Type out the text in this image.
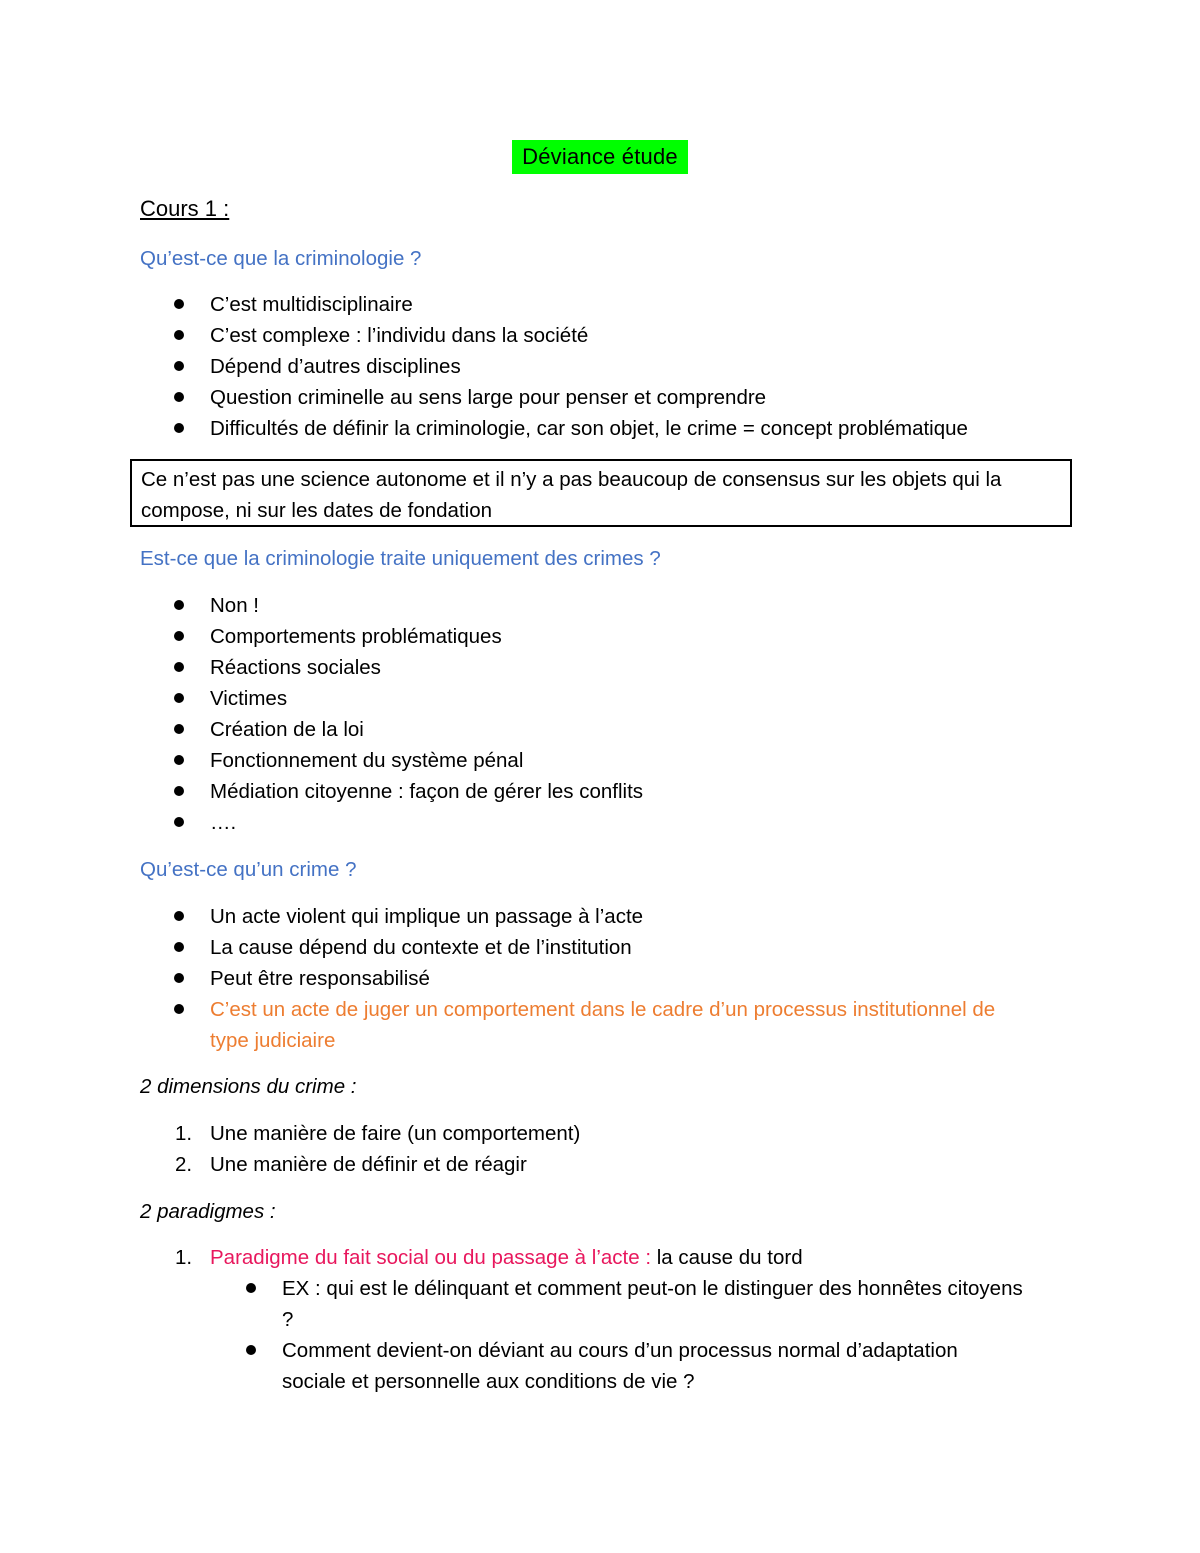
Déviance étude
Cours 1 :
Qu’est-ce que la criminologie ?
C’est multidisciplinaire
C’est complexe : l’individu dans la société
Dépend d’autres disciplines
Question criminelle au sens large pour penser et comprendre
Difficultés de définir la criminologie, car son objet, le crime = concept problématique
Ce n’est pas une science autonome et il n’y a pas beaucoup de consensus sur les objets qui la
compose, ni sur les dates de fondation
Est-ce que la criminologie traite uniquement des crimes ?
Non !
Comportements problématiques
Réactions sociales
Victimes
Création de la loi
Fonctionnement du système pénal
Médiation citoyenne : façon de gérer les conflits
….
Qu’est-ce qu’un crime ?
Un acte violent qui implique un passage à l’acte
La cause dépend du contexte et de l’institution
Peut être responsabilisé
C’est un acte de juger un comportement dans le cadre d’un processus institutionnel de
type judiciaire
2 dimensions du crime :
1. Une manière de faire (un comportement)
2. Une manière de définir et de réagir
2 paradigmes :
1. Paradigme du fait social ou du passage à l’acte : la cause du tord
EX : qui est le délinquant et comment peut-on le distinguer des honnêtes citoyens
?
Comment devient-on déviant au cours d’un processus normal d’adaptation
sociale et personnelle aux conditions de vie ?
